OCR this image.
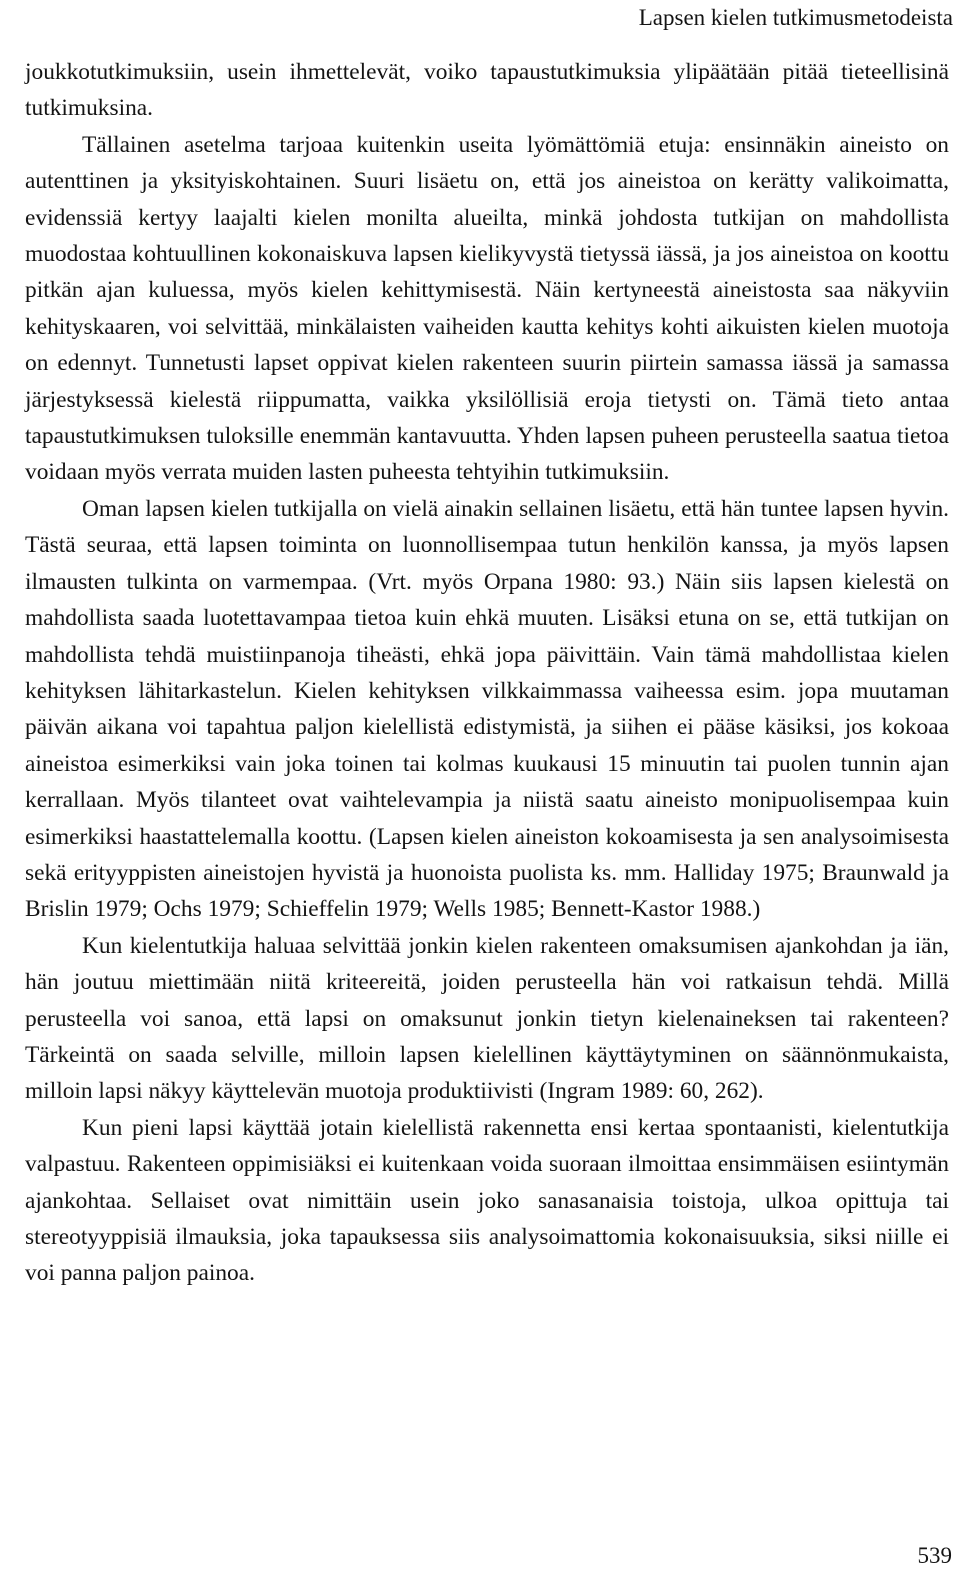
Lapsen kielen tutkimusmetodeista

joukkotutkimuksiin, usein ihmettelevät, voiko tapaustutkimuksia ylipäätään pitää tieteellisinä tutkimuksina.

Tällainen asetelma tarjoaa kuitenkin useita lyömättömiä etuja: ensinnäkin aineisto on autenttinen ja yksityiskohtainen. Suuri lisäetu on, että jos aineistoa on kerätty valikoimatta, evidenssiä kertyy laajalti kielen monilta alueilta, minkä johdosta tutkijan on mahdollista muodostaa kohtuullinen kokonaiskuva lapsen kielikyvystä tietyssä iässä, ja jos aineistoa on koottu pitkän ajan kuluessa, myös kielen kehittymisestä. Näin kertyneestä aineistosta saa näkyviin kehityskaaren, voi selvittää, minkälaisten vaiheiden kautta kehitys kohti aikuisten kielen muotoja on edennyt. Tunnetusti lapset oppivat kielen rakenteen suurin piirtein samassa iässä ja samassa järjestyksessä kielestä riippumatta, vaikka yksilöllisiä eroja tietysti on. Tämä tieto antaa tapaustutkimuksen tuloksille enemmän kantavuutta. Yhden lapsen puheen perusteella saatua tietoa voidaan myös verrata muiden lasten puheesta tehtyihin tutkimuksiin.

Oman lapsen kielen tutkijalla on vielä ainakin sellainen lisäetu, että hän tuntee lapsen hyvin. Tästä seuraa, että lapsen toiminta on luonnollisempaa tutun henkilön kanssa, ja myös lapsen ilmausten tulkinta on varmempaa. (Vrt. myös Orpana 1980: 93.) Näin siis lapsen kielestä on mahdollista saada luotettavampaa tietoa kuin ehkä muuten. Lisäksi etuna on se, että tutkijan on mahdollista tehdä muistiinpanoja tiheästi, ehkä jopa päivittäin. Vain tämä mahdollistaa kielen kehityksen lähitarkastelun. Kielen kehityksen vilkkaimmassa vaiheessa esim. jopa muutaman päivän aikana voi tapahtua paljon kielellistä edistymistä, ja siihen ei pääse käsiksi, jos kokoaa aineistoa esimerkiksi vain joka toinen tai kolmas kuukausi 15 minuutin tai puolen tunnin ajan kerrallaan. Myös tilanteet ovat vaihtelevampia ja niistä saatu aineisto monipuolisempaa kuin esimerkiksi haastattelemalla koottu. (Lapsen kielen aineiston kokoamisesta ja sen analysoimisesta sekä erityyppisten aineistojen hyvistä ja huonoista puolista ks. mm. Halliday 1975; Braunwald ja Brislin 1979; Ochs 1979; Schieffelin 1979; Wells 1985; Bennett-Kastor 1988.)

Kun kielentutkija haluaa selvittää jonkin kielen rakenteen omaksumisen ajankohdan ja iän, hän joutuu miettimään niitä kriteereitä, joiden perusteella hän voi ratkaisun tehdä. Millä perusteella voi sanoa, että lapsi on omaksunut jonkin tietyn kielenaineksen tai rakenteen? Tärkeintä on saada selville, milloin lapsen kielellinen käyttäytyminen on säännönmukaista, milloin lapsi näkyy käyttelevän muotoja produktiivisti (Ingram 1989: 60, 262).

Kun pieni lapsi käyttää jotain kielellistä rakennetta ensi kertaa spontaanisti, kielentutkija valpastuu. Rakenteen oppimisiäksi ei kuitenkaan voida suoraan ilmoittaa ensimmäisen esiintymän ajankohtaa. Sellaiset ovat nimittäin usein joko sanasanaisia toistoja, ulkoa opittuja tai stereotyyppisiä ilmauksia, joka tapauksessa siis analysoimattomia kokonaisuuksia, siksi niille ei voi panna paljon painoa.

539
